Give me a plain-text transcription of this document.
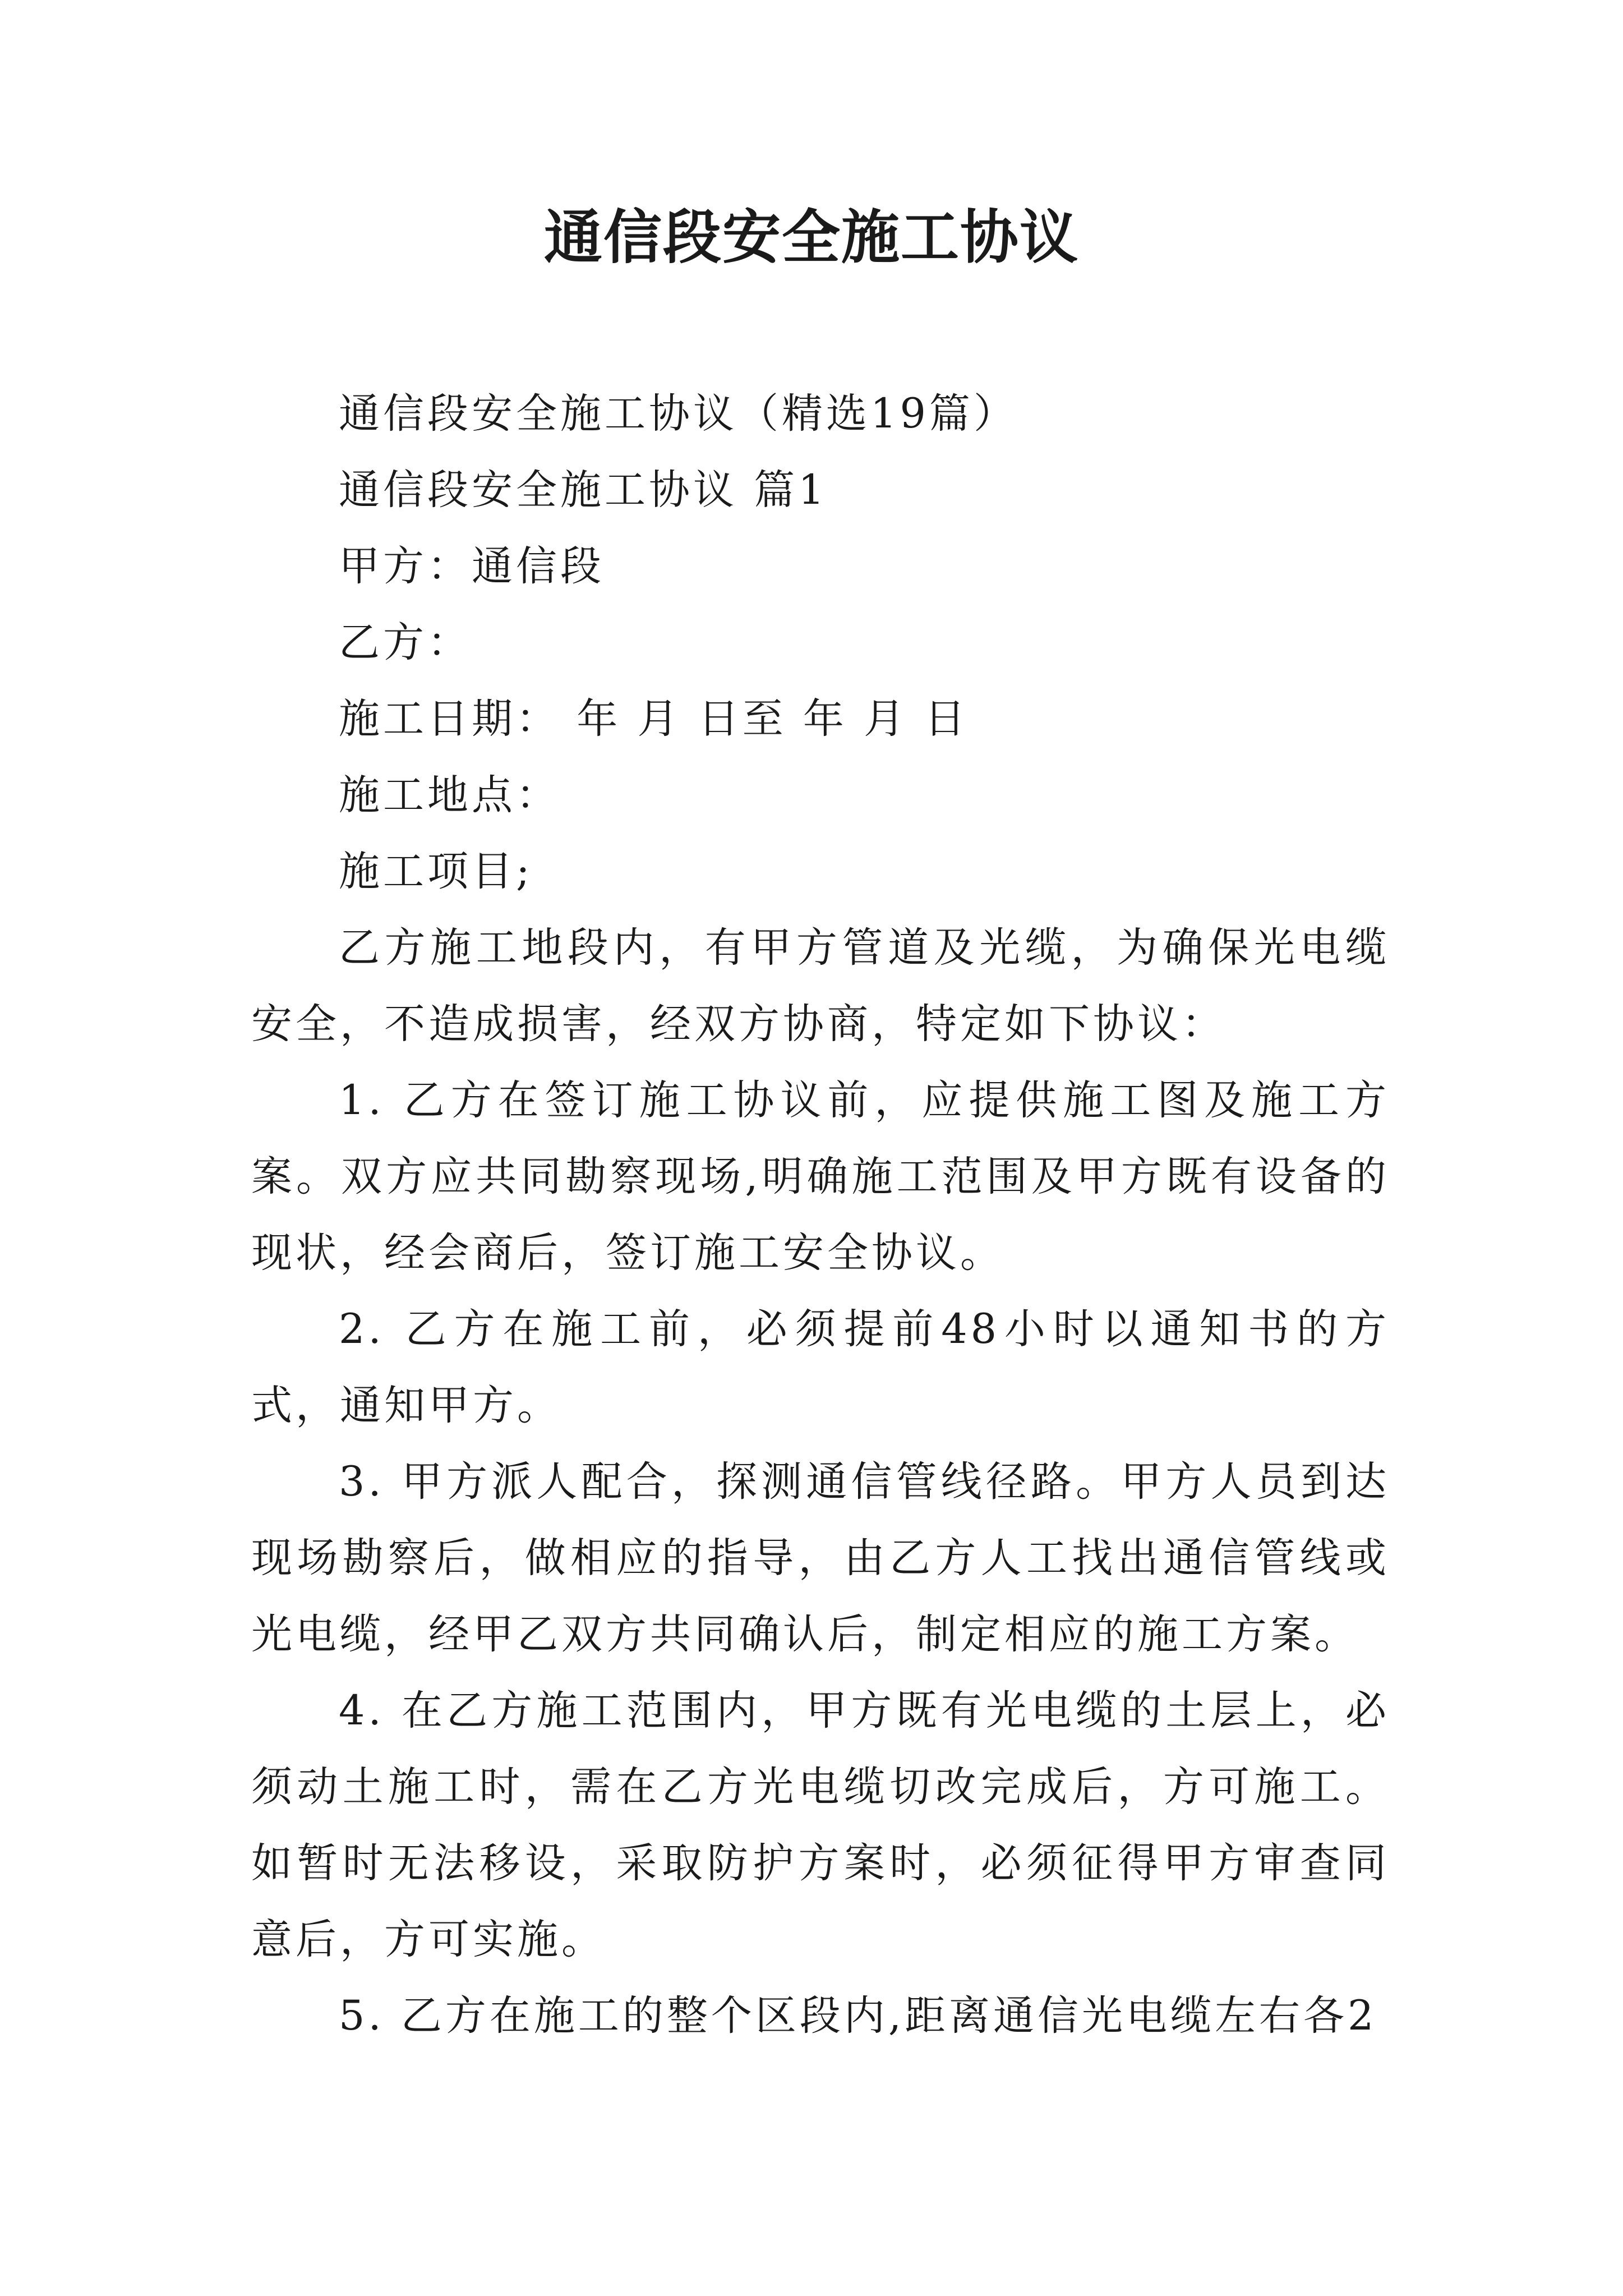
通信段安全施工协议

通信段安全施工协议（精选19篇）

通信段安全施工协议 篇1

甲方：通信段

乙方：

施工日期： 年 月 日至 年 月 日

施工地点：

施工项目;

乙方施工地段内，有甲方管道及光缆，为确保光电缆安全，不造成损害，经双方协商，特定如下协议：

1. 乙方在签订施工协议前，应提供施工图及施工方案。双方应共同勘察现场,明确施工范围及甲方既有设备的现状，经会商后，签订施工安全协议。

2. 乙方在施工前，必须提前48小时以通知书的方式，通知甲方。

3. 甲方派人配合，探测通信管线径路。甲方人员到达现场勘察后，做相应的指导，由乙方人工找出通信管线或光电缆，经甲乙双方共同确认后，制定相应的施工方案。

4. 在乙方施工范围内，甲方既有光电缆的土层上，必须动土施工时，需在乙方光电缆切改完成后，方可施工。如暂时无法移设，采取防护方案时，必须征得甲方审查同意后，方可实施。

5. 乙方在施工的整个区段内,距离通信光电缆左右各2
